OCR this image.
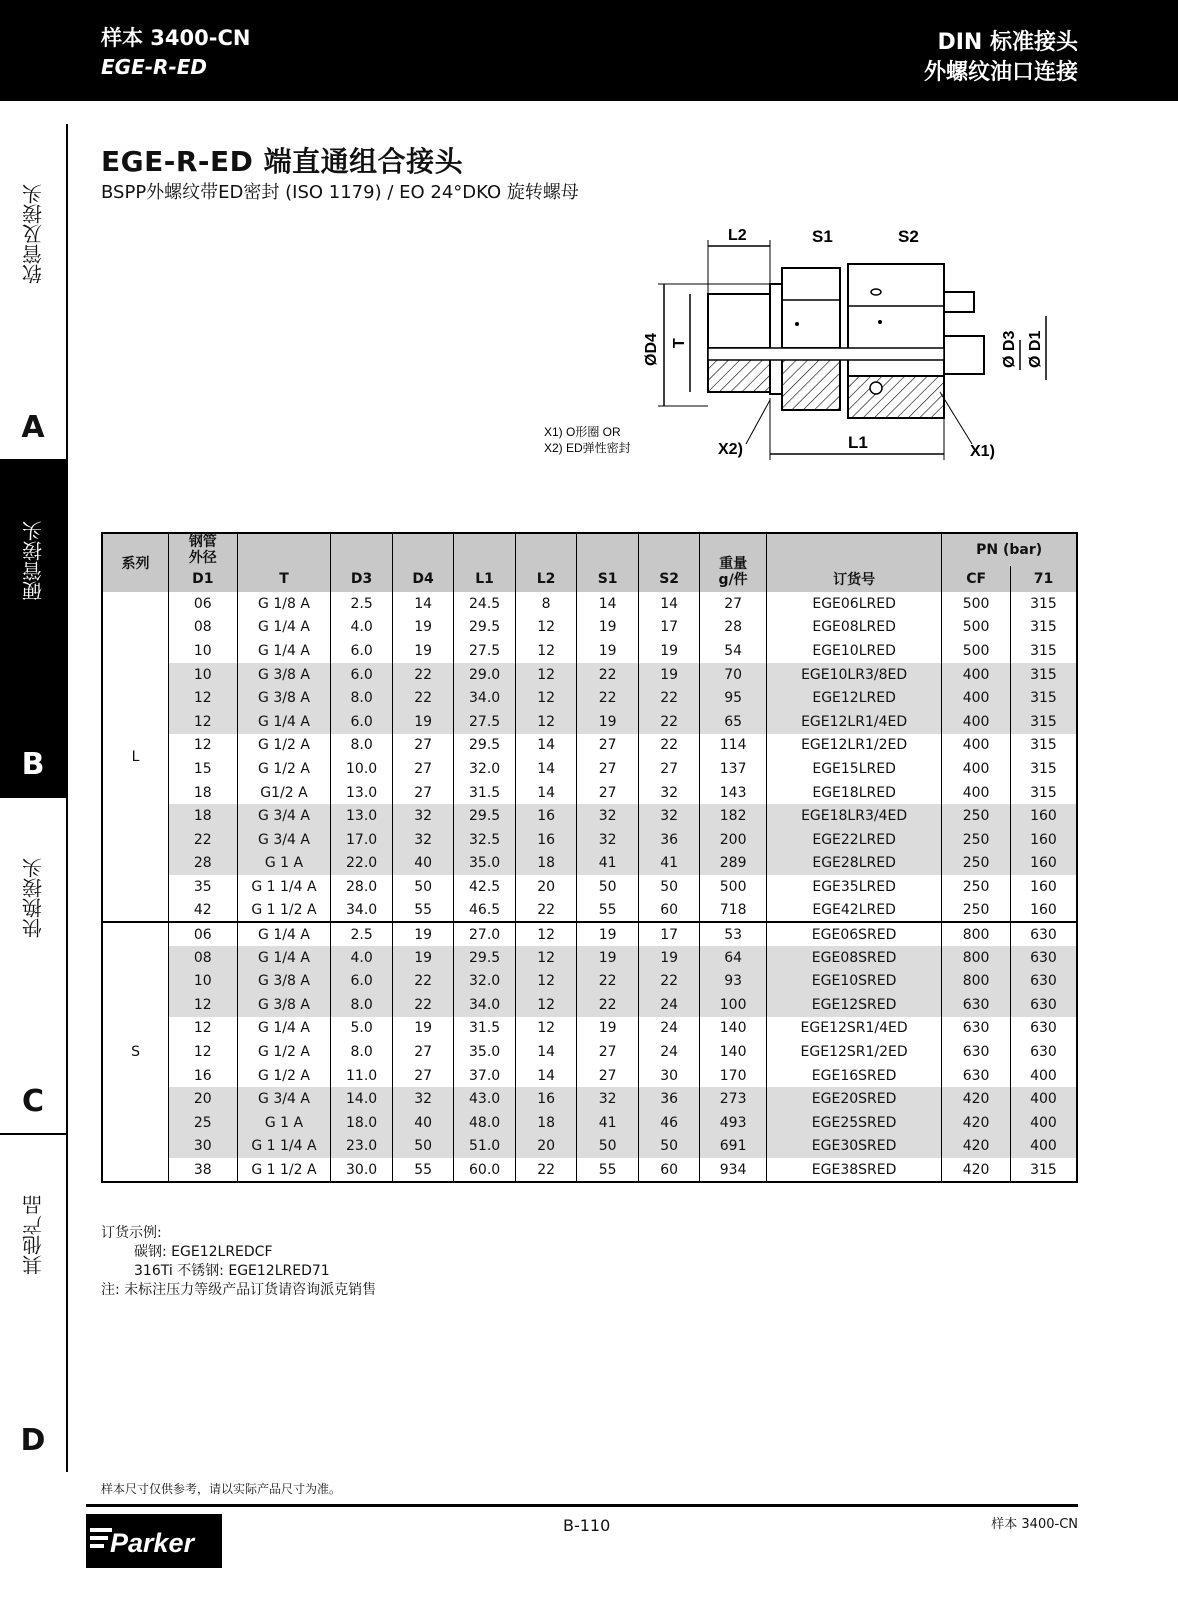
样本 3400-CN
EGE-R-ED
DIN 标准接头
外螺纹油口连接
软管及接头
A
硬管接头
B
快换接头
C
其他产品
D
EGE-R-ED 端直通组合接头
BSPP外螺纹带ED密封 (ISO 1179) / EO 24°DKO 旋转螺母
L2	S1	S2
ØD4 T	Ø D3 Ø D1
L1
X2)	X1)
X1) O形圈 OR
X2) ED弹性密封
系列	钢管
外径								重量
g/件		PN (bar)	
	D1	T	D3	D4	L1	L2	S1	S2		订货号	CF	71
L	06	G 1/8 A	2.5	14	24.5	8	14	14	27	EGE06LRED	500	315
	08	G 1/4 A	4.0	19	29.5	12	19	17	28	EGE08LRED	500	315
	10	G 1/4 A	6.0	19	27.5	12	19	19	54	EGE10LRED	500	315
	10	G 3/8 A	6.0	22	29.0	12	22	19	70	EGE10LR3/8ED	400	315
	12	G 3/8 A	8.0	22	34.0	12	22	22	95	EGE12LRED	400	315
	12	G 1/4 A	6.0	19	27.5	12	19	22	65	EGE12LR1/4ED	400	315
	12	G 1/2 A	8.0	27	29.5	14	27	22	114	EGE12LR1/2ED	400	315
	15	G 1/2 A	10.0	27	32.0	14	27	27	137	EGE15LRED	400	315
	18	G1/2 A	13.0	27	31.5	14	27	32	143	EGE18LRED	400	315
	18	G 3/4 A	13.0	32	29.5	16	32	32	182	EGE18LR3/4ED	250	160
	22	G 3/4 A	17.0	32	32.5	16	32	36	200	EGE22LRED	250	160
	28	G 1 A	22.0	40	35.0	18	41	41	289	EGE28LRED	250	160
	35	G 1 1/4 A	28.0	50	42.5	20	50	50	500	EGE35LRED	250	160
	42	G 1 1/2 A	34.0	55	46.5	22	55	60	718	EGE42LRED	250	160
S	06	G 1/4 A	2.5	19	27.0	12	19	17	53	EGE06SRED	800	630
	08	G 1/4 A	4.0	19	29.5	12	19	19	64	EGE08SRED	800	630
	10	G 3/8 A	6.0	22	32.0	12	22	22	93	EGE10SRED	800	630
	12	G 3/8 A	8.0	22	34.0	12	22	24	100	EGE12SRED	630	630
	12	G 1/4 A	5.0	19	31.5	12	19	24	140	EGE12SR1/4ED	630	630
	12	G 1/2 A	8.0	27	35.0	14	27	24	140	EGE12SR1/2ED	630	630
	16	G 1/2 A	11.0	27	37.0	14	27	30	170	EGE16SRED	630	400
	20	G 3/4 A	14.0	32	43.0	16	32	36	273	EGE20SRED	420	400
	25	G 1 A	18.0	40	48.0	18	41	46	493	EGE25SRED	420	400
	30	G 1 1/4 A	23.0	50	51.0	20	50	50	691	EGE30SRED	420	400
	38	G 1 1/2 A	30.0	55	60.0	22	55	60	934	EGE38SRED	420	315
订货示例:
碳钢: EGE12LREDCF
316Ti 不锈钢: EGE12LRED71
注: 未标注压力等级产品订货请咨询派克销售
样本尺寸仅供参考，请以实际产品尺寸为准。
Parker
B-110	样本 3400-CN
